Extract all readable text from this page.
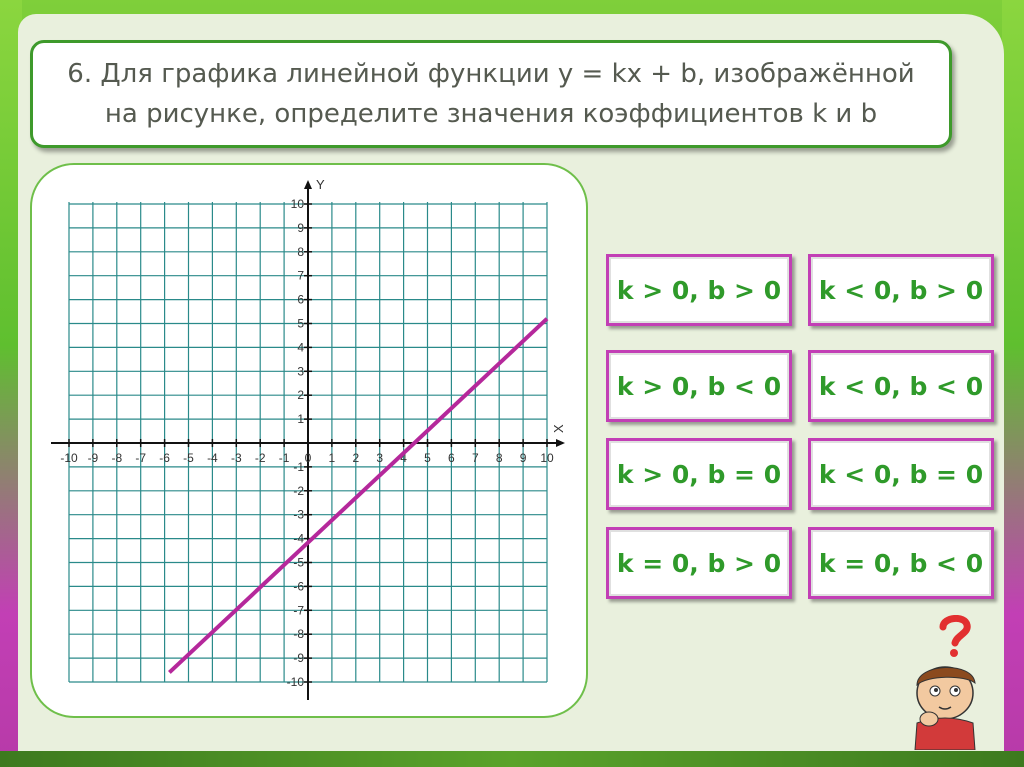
6. Для графика линейной функции y = kx + b, изображённой
на рисунке, определите значения коэффициентов k и b
-10 -9 -8 -7 -6 -5 -4 -3 -2 -1 0 1 2 3 4 5 6 7 8 9 10
-10
-9
-8
-7
-6
-5
-4
-3
-2
-1
1
2
3
4
5
6
7
8
9
10
X
Y
k > 0, b > 0	k < 0, b > 0
k > 0, b < 0	k < 0, b < 0
k > 0, b = 0	k < 0, b = 0
k = 0, b > 0	k = 0, b < 0
